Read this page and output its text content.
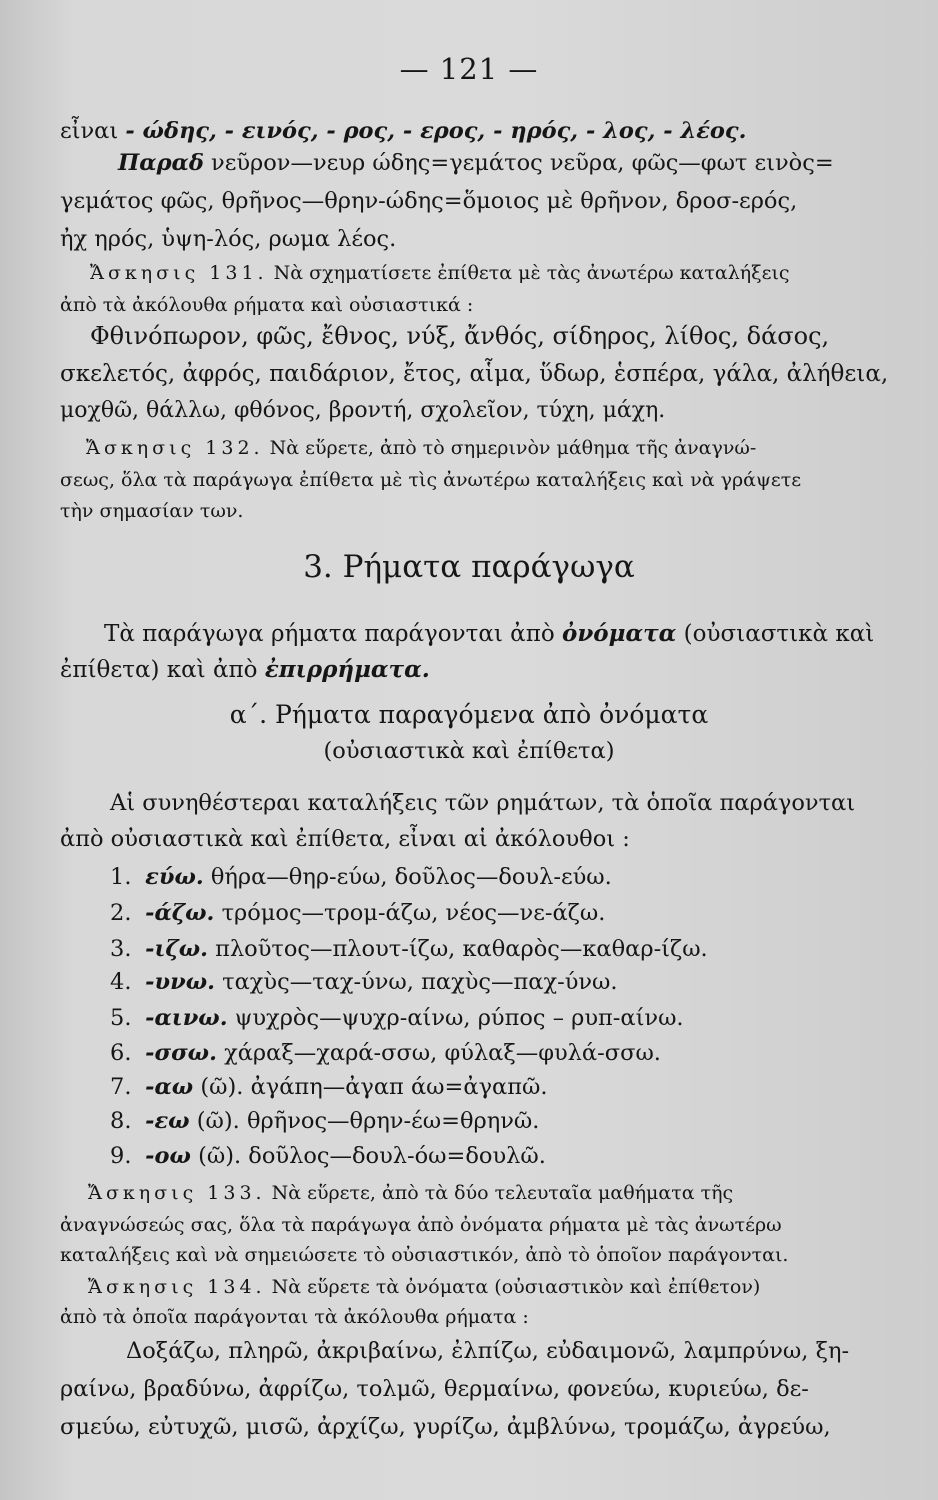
— 121 —
εἶναι - ώδης, - εινός, - ρος, - ερος, - ηρός, - λος, - λέος.
Παραδ νεῦρον—νευρ ώδης=γεμάτος νεῦρα, φῶς—φωτ εινὸς=
γεμάτος φῶς, θρῆνος—θρην-ώδης=ὅμοιος μὲ θρῆνον, δροσ-ερός,
ἠχ ηρός, ὑψη-λός, ρωμα λέος.
Ἄσκησις 131. Νὰ σχηματίσετε ἐπίθετα μὲ τὰς ἀνωτέρω καταλήξεις
ἀπὸ τὰ ἀκόλουθα ρήματα καὶ οὐσιαστικά :
Φθινόπωρον, φῶς, ἔθνος, νύξ, ἄνθός, σίδηρος, λίθος, δάσος,
σκελετός, ἀφρός, παιδάριον, ἔτος, αἷμα, ὕδωρ, ἑσπέρα, γάλα, ἀλήθεια,
μοχθῶ, θάλλω, φθόνος, βροντή, σχολεῖον, τύχη, μάχη.
Ἄσκησις 132. Νὰ εὕρετε, ἀπὸ τὸ σημερινὸν μάθημα τῆς ἀναγνώ-
σεως, ὅλα τὰ παράγωγα ἐπίθετα μὲ τὶς ἀνωτέρω καταλήξεις καὶ νὰ γράψετε
τὴν σημασίαν των.
3. Ρήματα παράγωγα
Τὰ παράγωγα ρήματα παράγονται ἀπὸ ὀνόματα (οὐσιαστικὰ καὶ
ἐπίθετα) καὶ ἀπὸ ἐπιρρήματα.
α΄. Ρήματα παραγόμενα ἀπὸ ὀνόματα
(οὐσιαστικὰ καὶ ἐπίθετα)
Αἱ συνηθέστεραι καταλήξεις τῶν ρημάτων, τὰ ὁποῖα παράγονται
ἀπὸ οὐσιαστικὰ καὶ ἐπίθετα, εἶναι αἱ ἀκόλουθοι :
1. εύω. θήρα—θηρ-εύω, δοῦλος—δουλ-εύω.
2. -άζω. τρόμος—τρομ-άζω, νέος—νε-άζω.
3. -ιζω. πλοῦτος—πλουτ-ίζω, καθαρὸς—καθαρ-ίζω.
4. -υνω. ταχὺς—ταχ-ύνω, παχὺς—παχ-ύνω.
5. -αινω. ψυχρὸς—ψυχρ-αίνω, ρύπος – ρυπ-αίνω.
6. -σσω. χάραξ—χαρά-σσω, φύλαξ—φυλά-σσω.
7. -αω (ῶ). ἀγάπη—ἀγαπ άω=ἀγαπῶ.
8. -εω (ῶ). θρῆνος—θρην-έω=θρηνῶ.
9. -οω (ῶ). δοῦλος—δουλ-όω=δουλῶ.
Ἄσκησις 133. Νὰ εὕρετε, ἀπὸ τὰ δύο τελευταῖα μαθήματα τῆς
ἀναγνώσεώς σας, ὅλα τὰ παράγωγα ἀπὸ ὀνόματα ρήματα μὲ τὰς ἀνωτέρω
καταλήξεις καὶ νὰ σημειώσετε τὸ οὐσιαστικόν, ἀπὸ τὸ ὁποῖον παράγονται.
Ἄσκησις 134. Νὰ εὕρετε τὰ ὀνόματα (οὐσιαστικὸν καὶ ἐπίθετον)
ἀπὸ τὰ ὁποῖα παράγονται τὰ ἀκόλουθα ρήματα :
Δοξάζω, πληρῶ, ἀκριβαίνω, ἐλπίζω, εὐδαιμονῶ, λαμπρύνω, ξη-
ραίνω, βραδύνω, ἀφρίζω, τολμῶ, θερμαίνω, φονεύω, κυριεύω, δε-
σμεύω, εὐτυχῶ, μισῶ, ἀρχίζω, γυρίζω, ἀμβλύνω, τρομάζω, ἀγρεύω,
